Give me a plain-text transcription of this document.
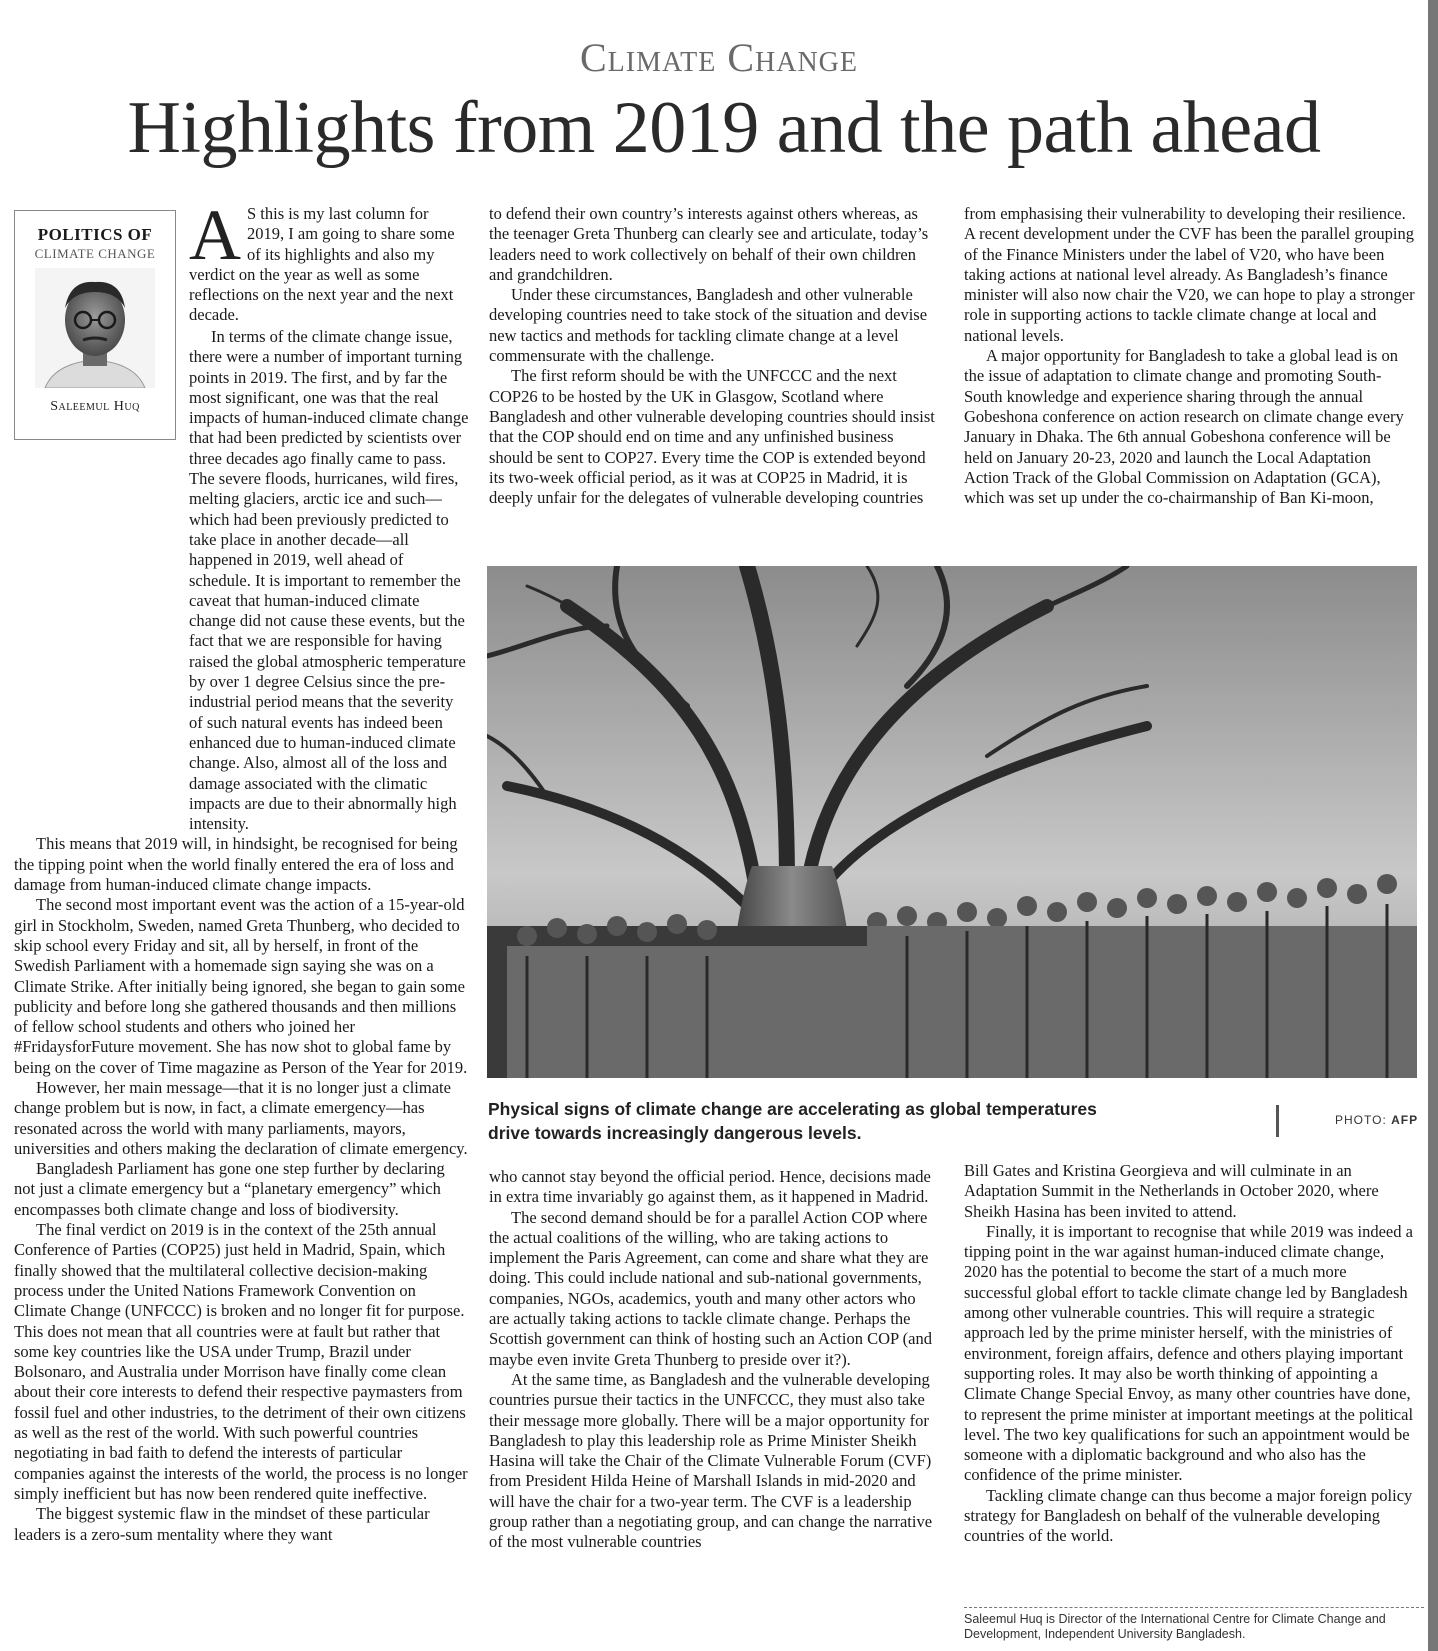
Climate Change
Highlights from 2019 and the path ahead
POLITICS OF
CLIMATE CHANGE
Saleemul Huq
A S this is my last column for 2019, I am going to share some of its highlights and also my verdict on the year as well as some reflections on the next year and the next decade.

In terms of the climate change issue, there were a number of important turning points in 2019. The first, and by far the most significant, one was that the real impacts of human-induced climate change that had been predicted by scientists over three decades ago finally came to pass. The severe floods, hurricanes, wild fires, melting glaciers, arctic ice and such—which had been previously predicted to take place in another decade—all happened in 2019, well ahead of schedule. It is important to remember the caveat that human-induced climate change did not cause these events, but the fact that we are responsible for having raised the global atmospheric temperature by over 1 degree Celsius since the pre-industrial period means that the severity of such natural events has indeed been enhanced due to human-induced climate change. Also, almost all of the loss and damage associated with the climatic impacts are due to their abnormally high intensity.

This means that 2019 will, in hindsight, be recognised for being the tipping point when the world finally entered the era of loss and damage from human-induced climate change impacts.

The second most important event was the action of a 15-year-old girl in Stockholm, Sweden, named Greta Thunberg, who decided to skip school every Friday and sit, all by herself, in front of the Swedish Parliament with a homemade sign saying she was on a Climate Strike. After initially being ignored, she began to gain some publicity and before long she gathered thousands and then millions of fellow school students and others who joined her #FridaysforFuture movement. She has now shot to global fame by being on the cover of Time magazine as Person of the Year for 2019.

However, her main message—that it is no longer just a climate change problem but is now, in fact, a climate emergency—has resonated across the world with many parliaments, mayors, universities and others making the declaration of climate emergency.

Bangladesh Parliament has gone one step further by declaring not just a climate emergency but a “planetary emergency” which encompasses both climate change and loss of biodiversity.

The final verdict on 2019 is in the context of the 25th annual Conference of Parties (COP25) just held in Madrid, Spain, which finally showed that the multilateral collective decision-making process under the United Nations Framework Convention on Climate Change (UNFCCC) is broken and no longer fit for purpose. This does not mean that all countries were at fault but rather that some key countries like the USA under Trump, Brazil under Bolsonaro, and Australia under Morrison have finally come clean about their core interests to defend their respective paymasters from fossil fuel and other industries, to the detriment of their own citizens as well as the rest of the world. With such powerful countries negotiating in bad faith to defend the interests of particular companies against the interests of the world, the process is no longer simply inefficient but has now been rendered quite ineffective.

The biggest systemic flaw in the mindset of these particular leaders is a zero-sum mentality where they want

to defend their own country’s interests against others whereas, as the teenager Greta Thunberg can clearly see and articulate, today’s leaders need to work collectively on behalf of their own children and grandchildren.

Under these circumstances, Bangladesh and other vulnerable developing countries need to take stock of the situation and devise new tactics and methods for tackling climate change at a level commensurate with the challenge.

The first reform should be with the UNFCCC and the next COP26 to be hosted by the UK in Glasgow, Scotland where Bangladesh and other vulnerable developing countries should insist that the COP should end on time and any unfinished business should be sent to COP27. Every time the COP is extended beyond its two-week official period, as it was at COP25 in Madrid, it is deeply unfair for the delegates of vulnerable developing countries

from emphasising their vulnerability to developing their resilience. A recent development under the CVF has been the parallel grouping of the Finance Ministers under the label of V20, who have been taking actions at national level already. As Bangladesh’s finance minister will also now chair the V20, we can hope to play a stronger role in supporting actions to tackle climate change at local and national levels.

A major opportunity for Bangladesh to take a global lead is on the issue of adaptation to climate change and promoting South-South knowledge and experience sharing through the annual Gobeshona conference on action research on climate change every January in Dhaka. The 6th annual Gobeshona conference will be held on January 20-23, 2020 and launch the Local Adaptation Action Track of the Global Commission on Adaptation (GCA), which was set up under the co-chairmanship of Ban Ki-moon,

Physical signs of climate change are accelerating as global temperatures drive towards increasingly dangerous levels.
PHOTO: AFP

who cannot stay beyond the official period. Hence, decisions made in extra time invariably go against them, as it happened in Madrid.

The second demand should be for a parallel Action COP where the actual coalitions of the willing, who are taking actions to implement the Paris Agreement, can come and share what they are doing. This could include national and sub-national governments, companies, NGOs, academics, youth and many other actors who are actually taking actions to tackle climate change. Perhaps the Scottish government can think of hosting such an Action COP (and maybe even invite Greta Thunberg to preside over it?).

At the same time, as Bangladesh and the vulnerable developing countries pursue their tactics in the UNFCCC, they must also take their message more globally. There will be a major opportunity for Bangladesh to play this leadership role as Prime Minister Sheikh Hasina will take the Chair of the Climate Vulnerable Forum (CVF) from President Hilda Heine of Marshall Islands in mid-2020 and will have the chair for a two-year term. The CVF is a leadership group rather than a negotiating group, and can change the narrative of the most vulnerable countries

Bill Gates and Kristina Georgieva and will culminate in an Adaptation Summit in the Netherlands in October 2020, where Sheikh Hasina has been invited to attend.

Finally, it is important to recognise that while 2019 was indeed a tipping point in the war against human-induced climate change, 2020 has the potential to become the start of a much more successful global effort to tackle climate change led by Bangladesh among other vulnerable countries. This will require a strategic approach led by the prime minister herself, with the ministries of environment, foreign affairs, defence and others playing important supporting roles. It may also be worth thinking of appointing a Climate Change Special Envoy, as many other countries have done, to represent the prime minister at important meetings at the political level. The two key qualifications for such an appointment would be someone with a diplomatic background and who also has the confidence of the prime minister.

Tackling climate change can thus become a major foreign policy strategy for Bangladesh on behalf of the vulnerable developing countries of the world.

Saleemul Huq is Director of the International Centre for Climate Change and Development, Independent University Bangladesh.
